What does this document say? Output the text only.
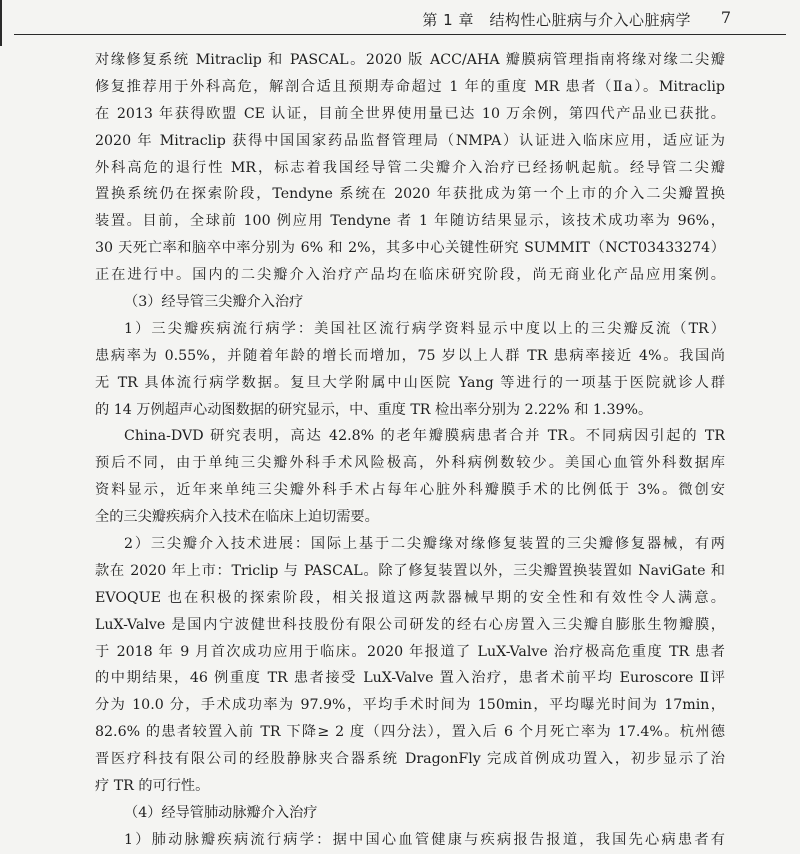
第 1 章　结构性心脏病与介入心脏病学 7
对缘修复系统 Mitraclip 和 PASCAL。2020 版 ACC/AHA 瓣膜病管理指南将缘对缘二尖瓣
修复推荐用于外科高危，解剖合适且预期寿命超过 1 年的重度 MR 患者（Ⅱa）。Mitraclip
在 2013 年获得欧盟 CE 认证，目前全世界使用量已达 10 万余例，第四代产品业已获批。
2020 年 Mitraclip 获得中国国家药品监督管理局（NMPA）认证进入临床应用，适应证为
外科高危的退行性 MR，标志着我国经导管二尖瓣介入治疗已经扬帆起航。经导管二尖瓣
置换系统仍在探索阶段，Tendyne 系统在 2020 年获批成为第一个上市的介入二尖瓣置换
装置。目前，全球前 100 例应用 Tendyne 者 1 年随访结果显示，该技术成功率为 96%，
30 天死亡率和脑卒中率分别为 6% 和 2%，其多中心关键性研究 SUMMIT（NCT03433274）
正在进行中。国内的二尖瓣介入治疗产品均在临床研究阶段，尚无商业化产品应用案例。
（3）经导管三尖瓣介入治疗
1）三尖瓣疾病流行病学：美国社区流行病学资料显示中度以上的三尖瓣反流（TR）
患病率为 0.55%，并随着年龄的增长而增加，75 岁以上人群 TR 患病率接近 4%。我国尚
无 TR 具体流行病学数据。复旦大学附属中山医院 Yang 等进行的一项基于医院就诊人群
的 14 万例超声心动图数据的研究显示，中、重度 TR 检出率分别为 2.22% 和 1.39%。
China-DVD 研究表明，高达 42.8% 的老年瓣膜病患者合并 TR。不同病因引起的 TR
预后不同，由于单纯三尖瓣外科手术风险极高，外科病例数较少。美国心血管外科数据库
资料显示，近年来单纯三尖瓣外科手术占每年心脏外科瓣膜手术的比例低于 3%。微创安
全的三尖瓣疾病介入技术在临床上迫切需要。
2）三尖瓣介入技术进展：国际上基于二尖瓣缘对缘修复装置的三尖瓣修复器械，有两
款在 2020 年上市：Triclip 与 PASCAL。除了修复装置以外，三尖瓣置换装置如 NaviGate 和
EVOQUE 也在积极的探索阶段，相关报道这两款器械早期的安全性和有效性令人满意。
LuX-Valve 是国内宁波健世科技股份有限公司研发的经右心房置入三尖瓣自膨胀生物瓣膜，
于 2018 年 9 月首次成功应用于临床。2020 年报道了 LuX-Valve 治疗极高危重度 TR 患者
的中期结果，46 例重度 TR 患者接受 LuX-Valve 置入治疗，患者术前平均 Euroscore Ⅱ评
分为 10.0 分，手术成功率为 97.9%，平均手术时间为 150min，平均曝光时间为 17min，
82.6% 的患者较置入前 TR 下降≥ 2 度（四分法），置入后 6 个月死亡率为 17.4%。杭州德
晋医疗科技有限公司的经股静脉夹合器系统 DragonFly 完成首例成功置入，初步显示了治
疗 TR 的可行性。
（4）经导管肺动脉瓣介入治疗
1）肺动脉瓣疾病流行病学：据中国心血管健康与疾病报告报道，我国先心病患者有
